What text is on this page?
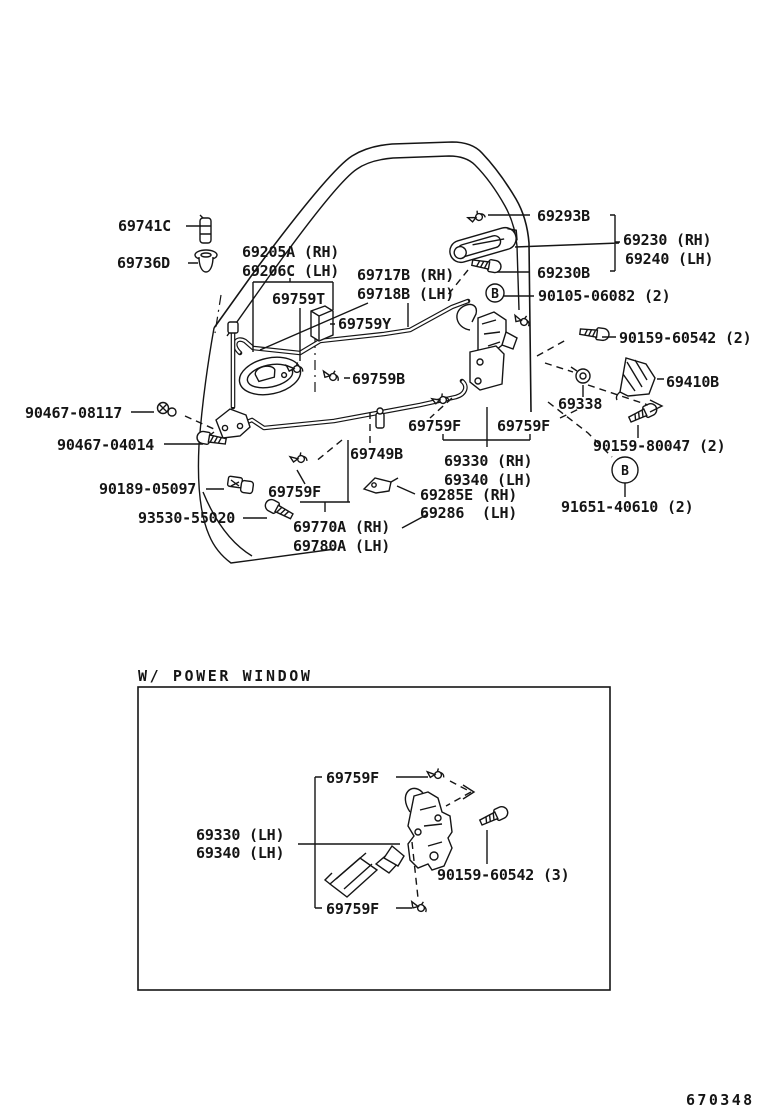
69741C
69736D
69205A (RH)
69206C (LH) 69717B (RH)
69718B (LH)
69759T
69759Y
69759B
90467-08117
90467-04014
90189-05097
93530-55020
69759F
69770A (RH)
69780A (LH)
69749B
69759F 69759F
69330 (RH)
69340 (LH)
69285E (RH)
69286  (LH)
90105-06082 (2)
69230B
69293B
69230 (RH)
69240 (LH)
90159-60542 (2)
69410B
69338
90159-80047 (2)
91651-40610 (2)
B
B
W/ POWER WINDOW
69759F
69330 (LH)
69340 (LH)
90159-60542 (3)
69759F
670348
